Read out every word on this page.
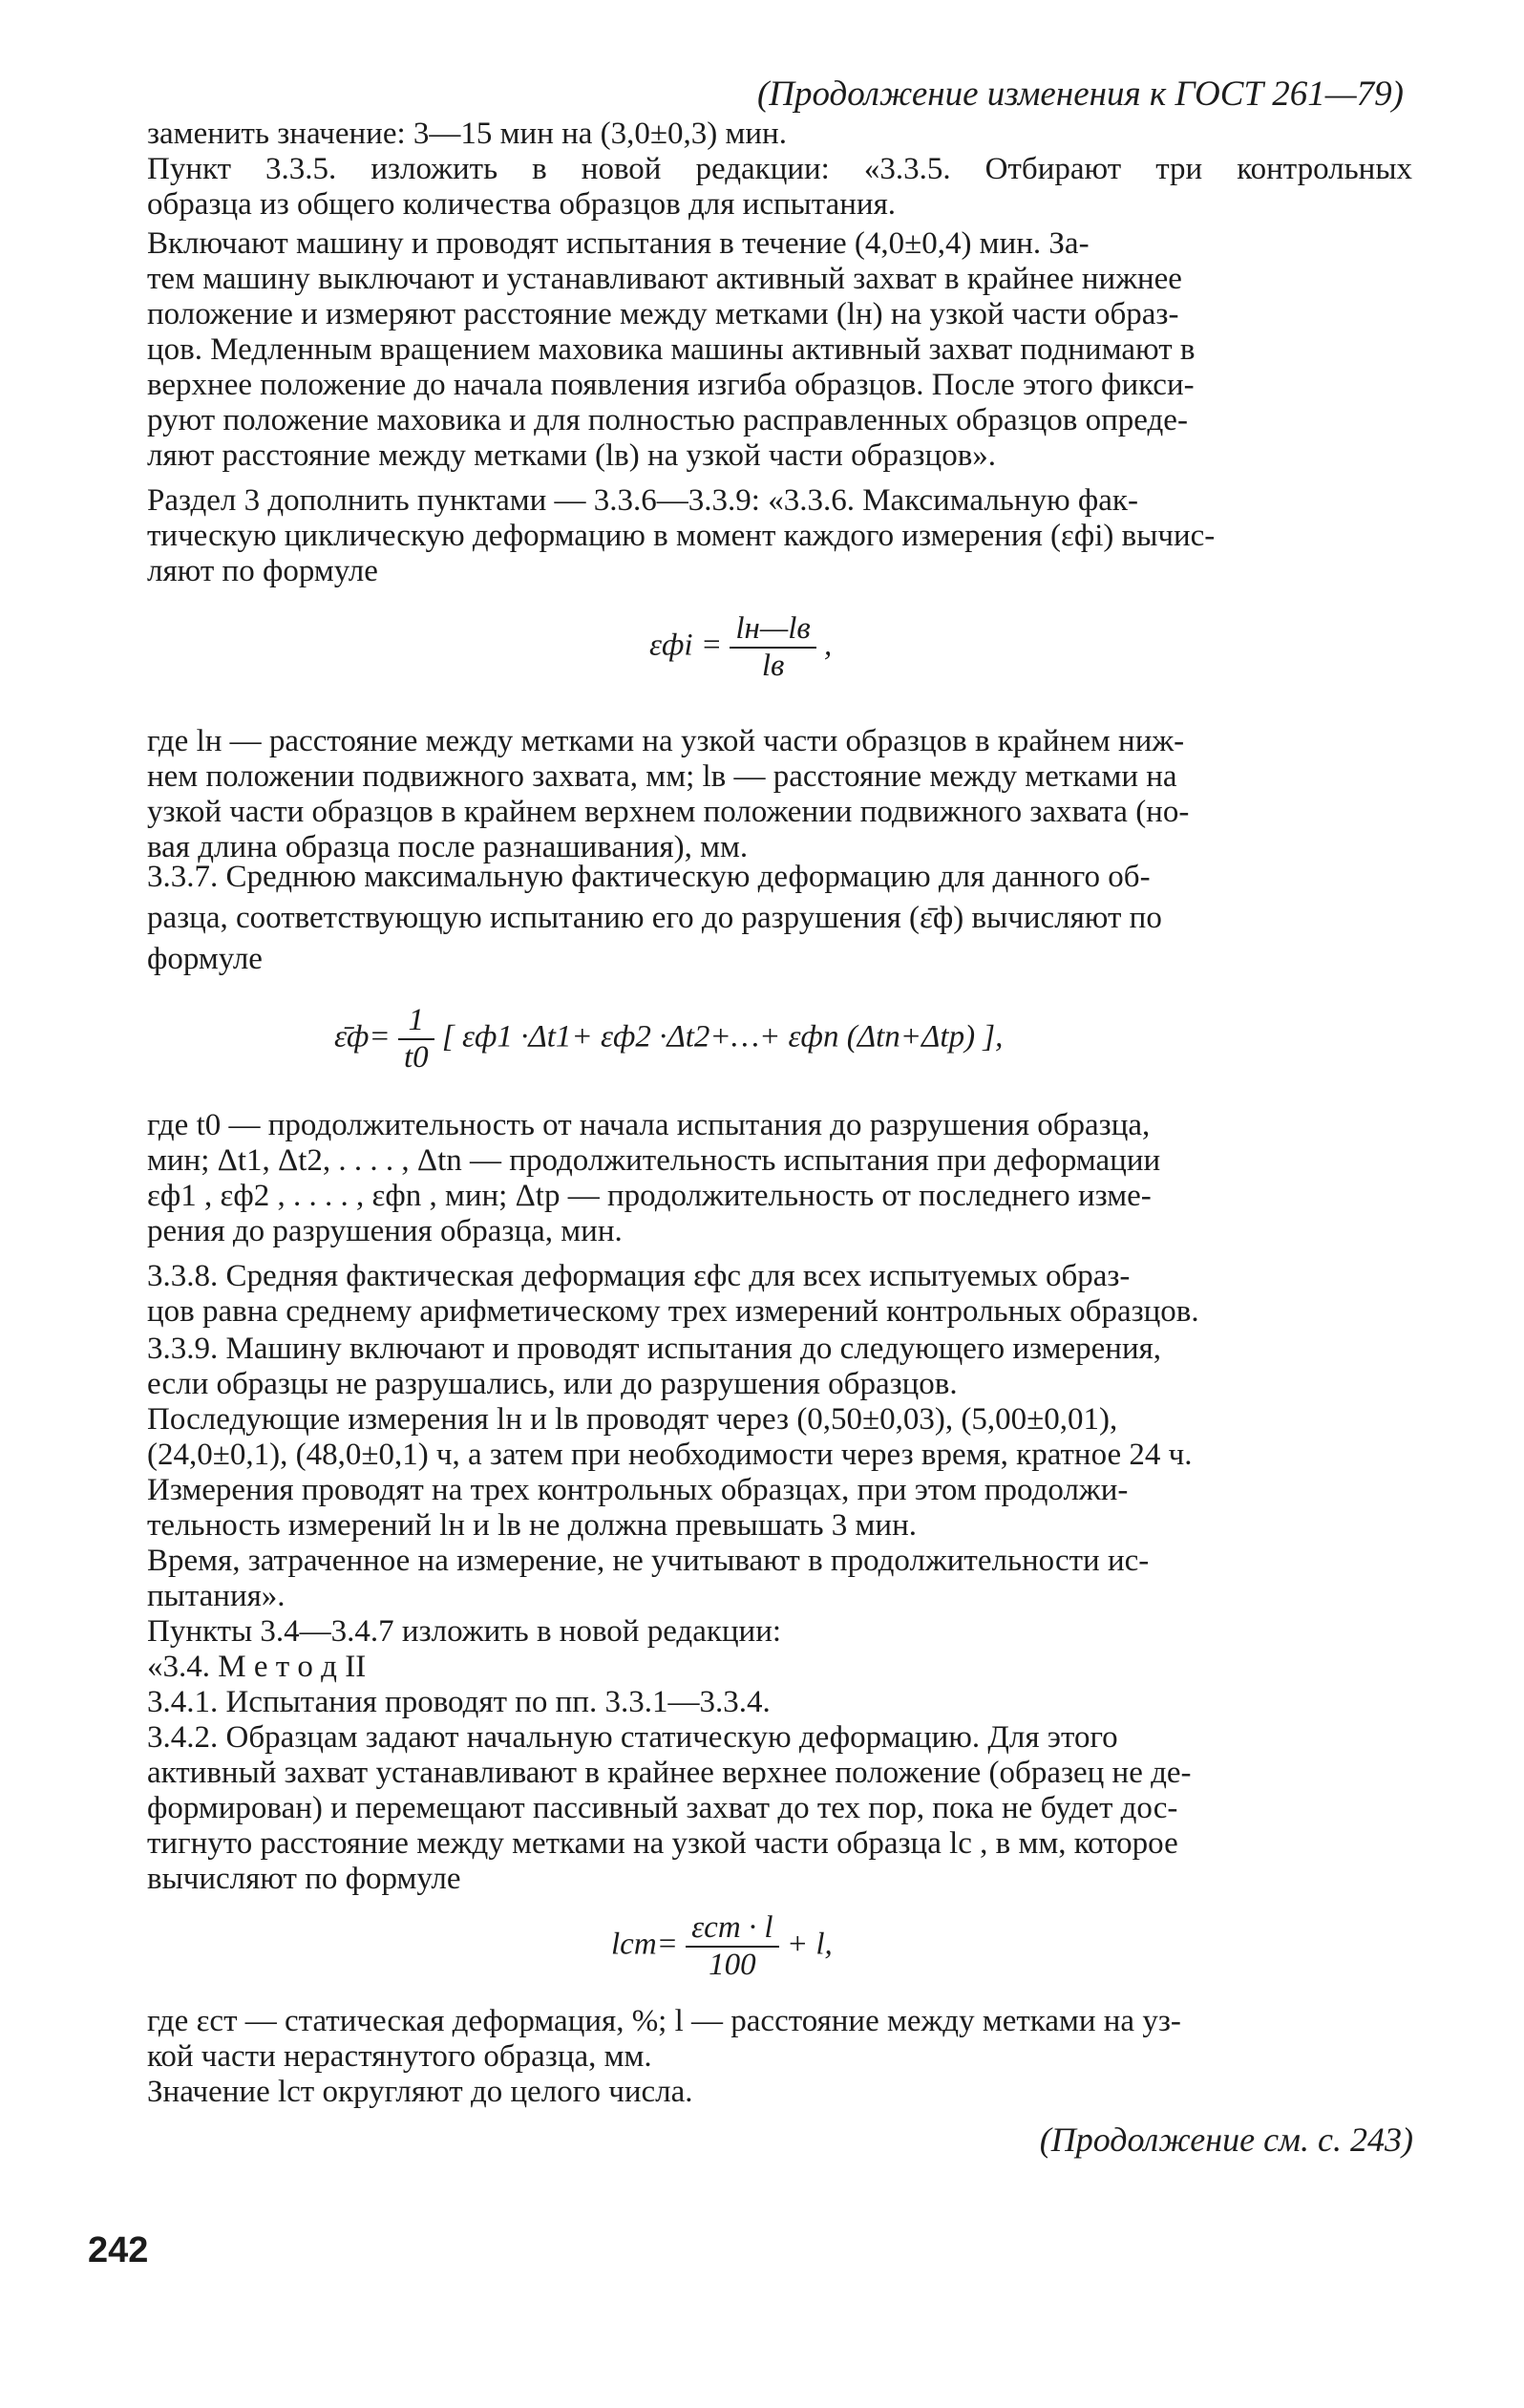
(Продолжение изменения к ГОСТ 261—79)
заменить значение: 3—15 мин на (3,0±0,3) мин.
Пункт 3.3.5. изложить в новой редакции: «3.3.5. Отбирают три контрольных
образца из общего количества образцов для испытания.
Включают машину и проводят испытания в течение (4,0±0,4) мин. За-
тем машину выключают и устанавливают активный захват в крайнее нижнее
положение и измеряют расстояние между метками (lн) на узкой части образ-
цов. Медленным вращением маховика машины активный захват поднимают в
верхнее положение до начала появления изгиба образцов. После этого фикси-
руют положение маховика и для полностью расправленных образцов опреде-
ляют расстояние между метками (lв) на узкой части образцов».
Раздел 3 дополнить пунктами — 3.3.6—3.3.9: «3.3.6. Максимальную фак-
тическую циклическую деформацию в момент каждого измерения (εфi) вычис-
ляют по формуле
$\varepsilon фi = \frac{lн—lв}{lв}$ ,
где lн — расстояние между метками на узкой части образцов в крайнем ниж-
нем положении подвижного захвата, мм; lв — расстояние между метками на
узкой части образцов в крайнем верхнем положении подвижного захвата (но-
вая длина образца после разнашивания), мм.
3.3.7. Среднюю максимальную фактическую деформацию для данного об-
разца, соответствующую испытанию его до разрушения (ε̄ф) вычисляют по
формуле
ε̄ф= $\frac{1}{t0}$ [ εф1 ·Δt1+ εф2 ·Δt2+…+ εфn (Δtn+Δtр) ],
где t0 — продолжительность от начала испытания до разрушения образца,
мин; Δt1, Δt2, . . . . , Δtn — продолжительность испытания при деформации
εф1 , εф2 , . . . . , εфn , мин; Δtр — продолжительность от последнего изме-
рения до разрушения образца, мин.
3.3.8. Средняя фактическая деформация εфс для всех испытуемых образ-
цов равна среднему арифметическому трех измерений контрольных образцов.
3.3.9. Машину включают и проводят испытания до следующего измерения,
если образцы не разрушались, или до разрушения образцов.
Последующие измерения lн и lв проводят через (0,50±0,03), (5,00±0,01),
(24,0±0,1), (48,0±0,1) ч, а затем при необходимости через время, кратное 24 ч.
Измерения проводят на трех контрольных образцах, при этом продолжи-
тельность измерений lн и lв не должна превышать 3 мин.
Время, затраченное на измерение, не учитывают в продолжительности ис-
пытания».
Пункты 3.4—3.4.7 изложить в новой редакции:
«3.4. М е т о д II
3.4.1. Испытания проводят по пп. 3.3.1—3.3.4.
3.4.2. Образцам задают начальную статическую деформацию. Для этого
активный захват устанавливают в крайнее верхнее положение (образец не де-
формирован) и перемещают пассивный захват до тех пор, пока не будет дос-
тигнуто расстояние между метками на узкой части образца lс , в мм, которое
вычисляют по формуле
$lст= \frac{\text{εст · l}}{100} + l$,
где εст — статическая деформация, %; l — расстояние между метками на уз-
кой части нерастянутого образца, мм.
Значение lст округляют до целого числа.
(Продолжение см. с. 243)
242
